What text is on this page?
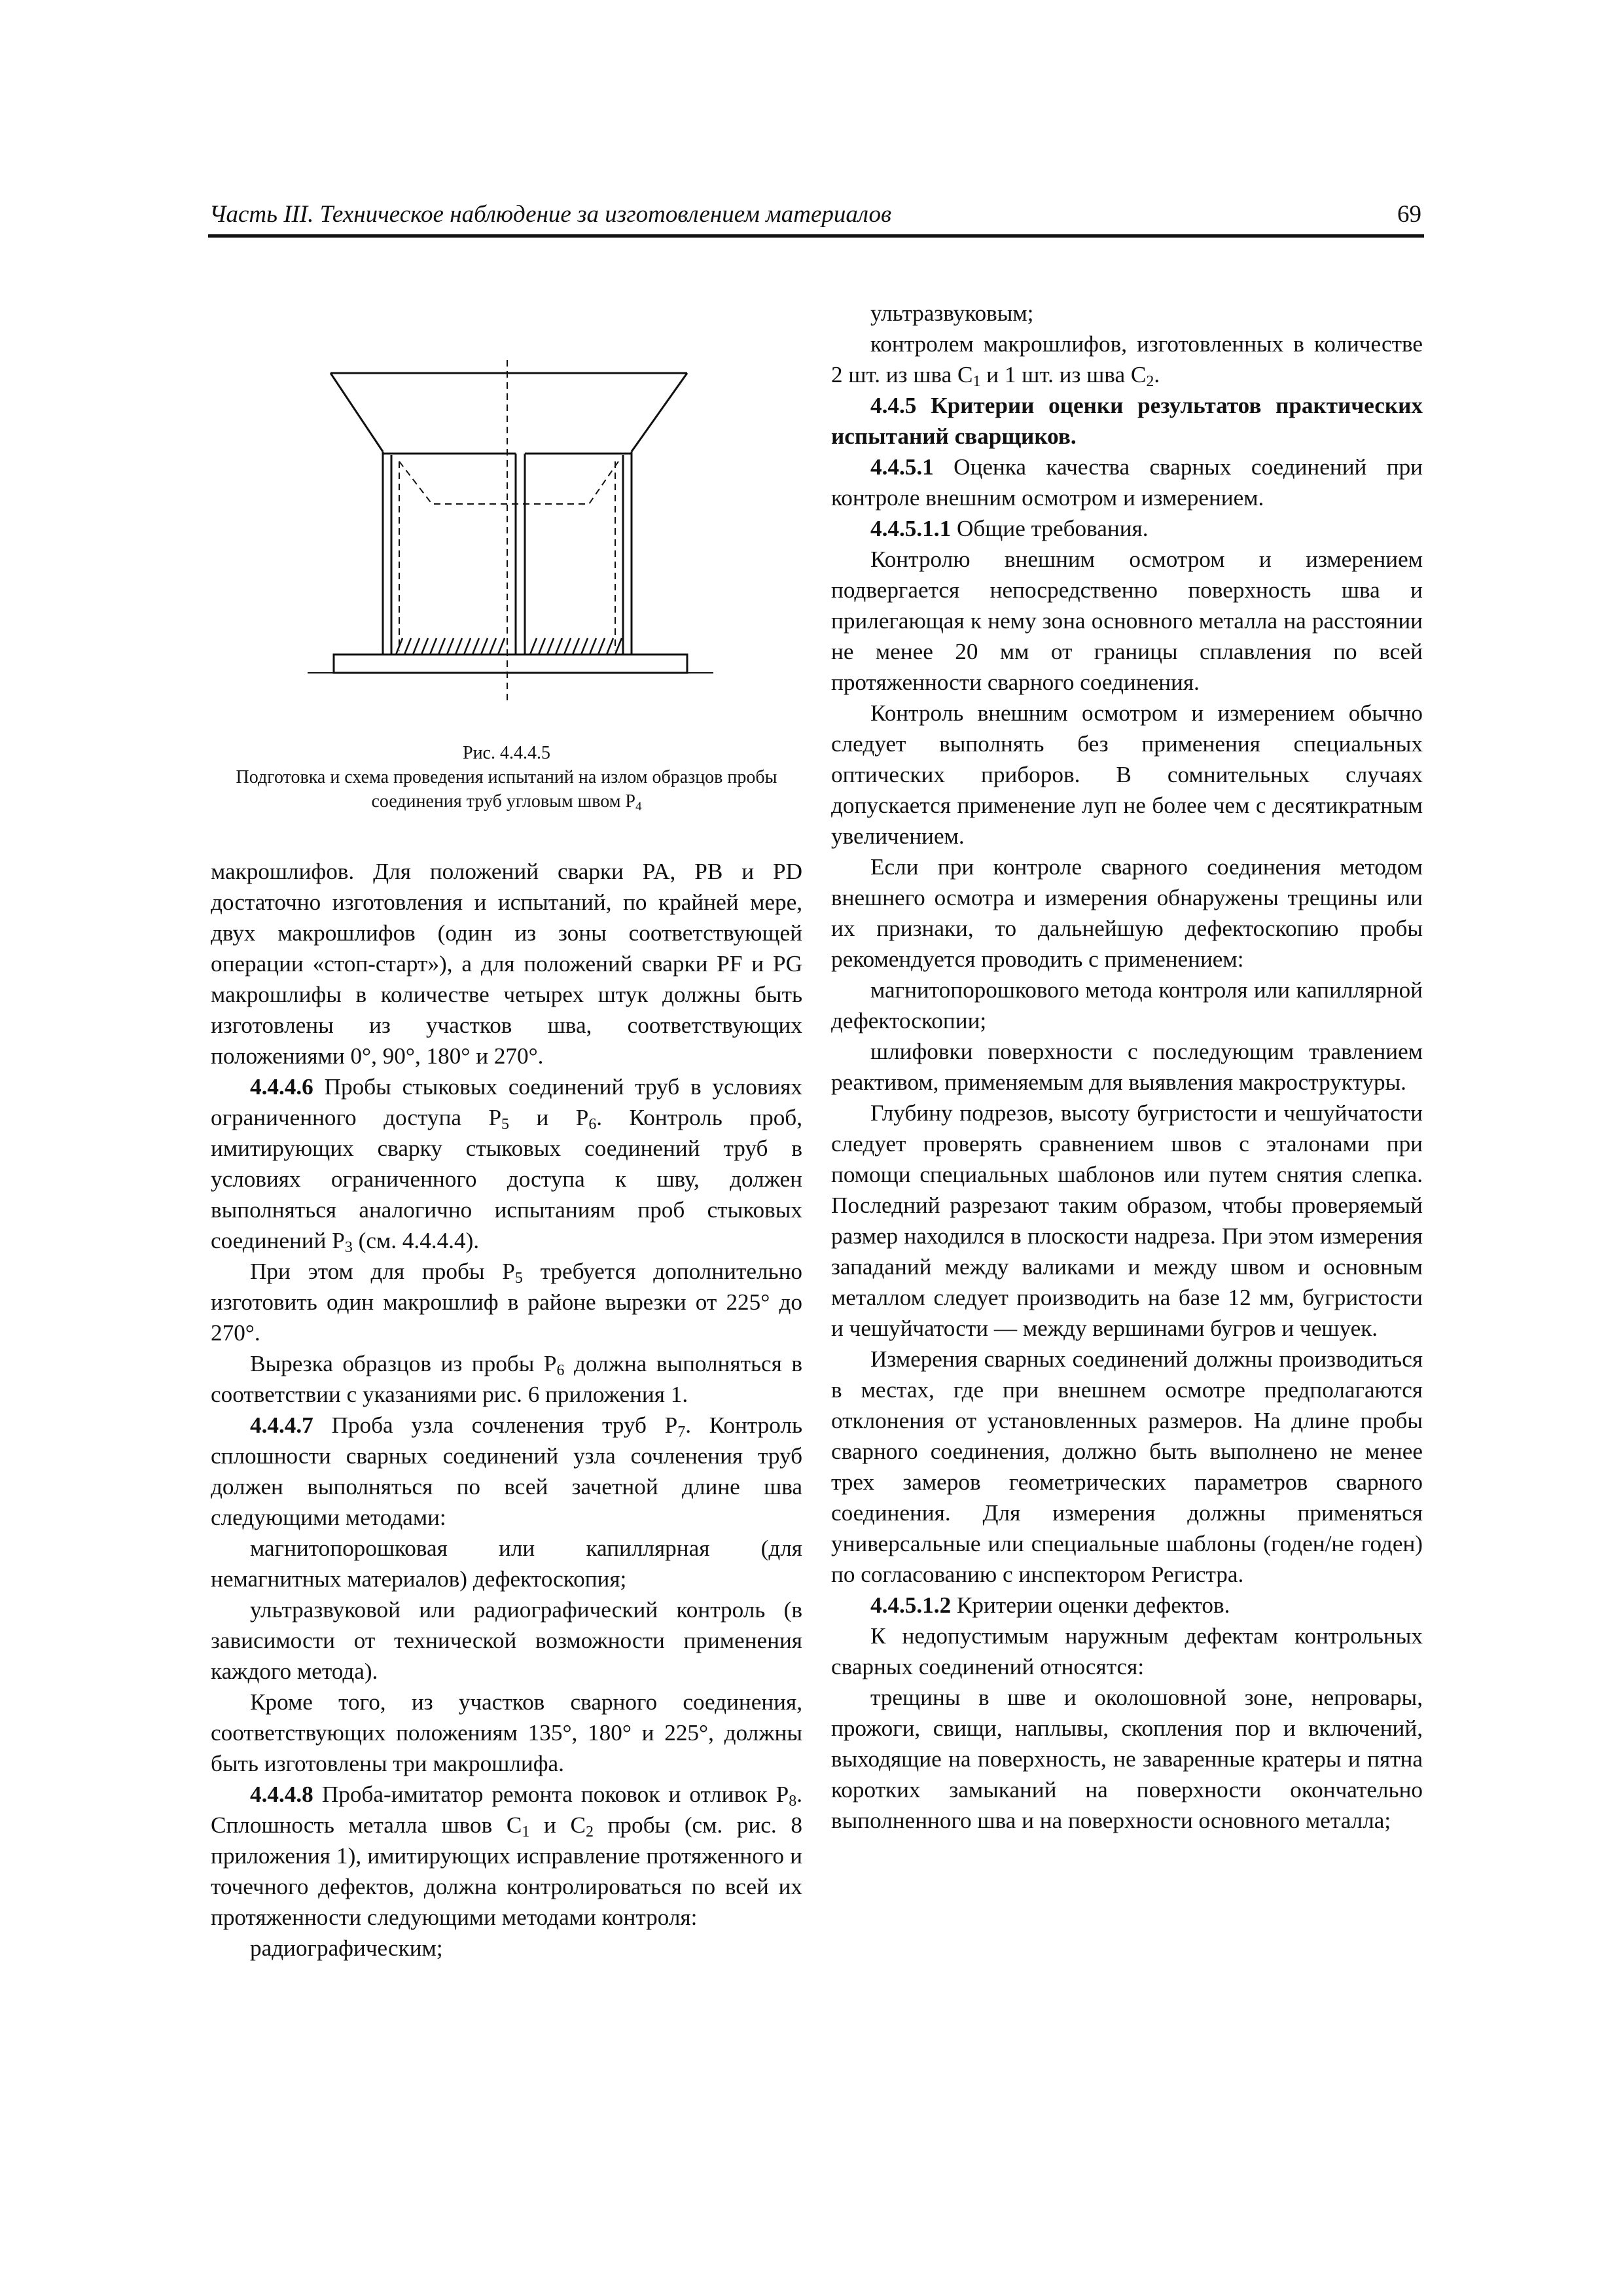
Часть III. Техническое наблюдение за изготовлением материалов	69
Рис. 4.4.4.5
Подготовка и схема проведения испытаний на излом образцов пробы соединения труб угловым швом $P_4$

макрошлифов. Для положений сварки PA, PB и PD достаточно изготовления и испытаний, по крайней мере, двух макрошлифов (один из зоны соответствующей операции «стоп-старт»), а для положений сварки PF и PG макрошлифы в количестве четырех штук должны быть изготовлены из участков шва, соответствующих положениями 0°, 90°, 180° и 270°.

4.4.4.6 Пробы стыковых соединений труб в условиях ограниченного доступа $P_5$ и $P_6$. Контроль проб, имитирующих сварку стыковых соединений труб в условиях ограниченного доступа к шву, должен выполняться аналогично испытаниям проб стыковых соединений $P_3$ (см. 4.4.4.4).

При этом для пробы $P_5$ требуется дополнительно изготовить один макрошлиф в районе вырезки от 225° до 270°.

Вырезка образцов из пробы $P_6$ должна выполняться в соответствии с указаниями рис. 6 приложения 1.

4.4.4.7 Проба узла сочленения труб $P_7$. Контроль сплошности сварных соединений узла сочленения труб должен выполняться по всей зачетной длине шва следующими методами:

магнитопорошковая или капиллярная (для немагнитных материалов) дефектоскопия;

ультразвуковой или радиографический контроль (в зависимости от технической возможности применения каждого метода).

Кроме того, из участков сварного соединения, соответствующих положениям 135°, 180° и 225°, должны быть изготовлены три макрошлифа.

4.4.4.8 Проба-имитатор ремонта поковок и отливок $P_8$. Сплошность металла швов $C_1$ и $C_2$ пробы (см. рис. 8 приложения 1), имитирующих исправление протяженного и точечного дефектов, должна контролироваться по всей их протяженности следующими методами контроля:

радиографическим;

ультразвуковым;

контролем макрошлифов, изготовленных в количестве 2 шт. из шва $C_1$ и 1 шт. из шва $C_2$.

4.4.5 Критерии оценки результатов практических испытаний сварщиков.

4.4.5.1 Оценка качества сварных соединений при контроле внешним осмотром и измерением.

4.4.5.1.1 Общие требования.

Контролю внешним осмотром и измерением подвергается непосредственно поверхность шва и прилегающая к нему зона основного металла на расстоянии не менее 20 мм от границы сплавления по всей протяженности сварного соединения.

Контроль внешним осмотром и измерением обычно следует выполнять без применения специальных оптических приборов. В сомнительных случаях допускается применение луп не более чем с десятикратным увеличением.

Если при контроле сварного соединения методом внешнего осмотра и измерения обнаружены трещины или их признаки, то дальнейшую дефектоскопию пробы рекомендуется проводить с применением:

магнитопорошкового метода контроля или капиллярной дефектоскопии;

шлифовки поверхности с последующим травлением реактивом, применяемым для выявления макроструктуры.

Глубину подрезов, высоту бугристости и чешуйчатости следует проверять сравнением швов с эталонами при помощи специальных шаблонов или путем снятия слепка. Последний разрезают таким образом, чтобы проверяемый размер находился в плоскости надреза. При этом измерения западаний между валиками и между швом и основным металлом следует производить на базе 12 мм, бугристости и чешуйчатости — между вершинами бугров и чешуек.

Измерения сварных соединений должны производиться в местах, где при внешнем осмотре предполагаются отклонения от установленных размеров. На длине пробы сварного соединения, должно быть выполнено не менее трех замеров геометрических параметров сварного соединения. Для измерения должны применяться универсальные или специальные шаблоны (годен/не годен) по согласованию с инспектором Регистра.

4.4.5.1.2 Критерии оценки дефектов.

К недопустимым наружным дефектам контрольных сварных соединений относятся:

трещины в шве и околошовной зоне, непровары, прожоги, свищи, наплывы, скопления пор и включений, выходящие на поверхность, не заваренные кратеры и пятна коротких замыканий на поверхности окончательно выполненного шва и на поверхности основного металла;
